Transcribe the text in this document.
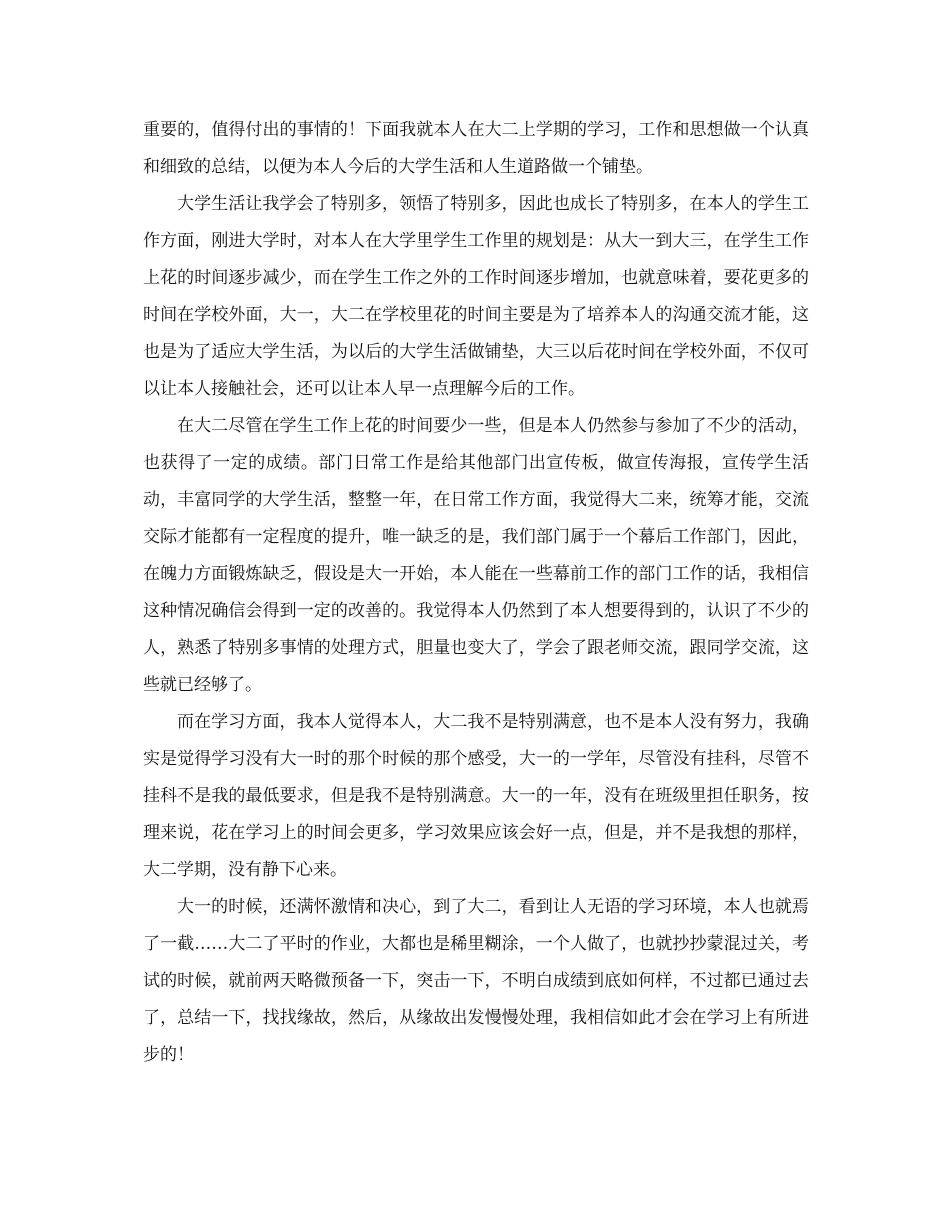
重要的，值得付出的事情的！下面我就本人在大二上学期的学习，工作和思想做一个认真和细致的总结，以便为本人今后的大学生活和人生道路做一个铺垫。

大学生活让我学会了特别多，领悟了特别多，因此也成长了特别多，在本人的学生工作方面，刚进大学时，对本人在大学里学生工作里的规划是：从大一到大三，在学生工作上花的时间逐步减少，而在学生工作之外的工作时间逐步增加，也就意味着，要花更多的时间在学校外面，大一，大二在学校里花的时间主要是为了培养本人的沟通交流才能，这也是为了适应大学生活，为以后的大学生活做铺垫，大三以后花时间在学校外面，不仅可以让本人接触社会，还可以让本人早一点理解今后的工作。

在大二尽管在学生工作上花的时间要少一些，但是本人仍然参与参加了不少的活动，也获得了一定的成绩。部门日常工作是给其他部门出宣传板，做宣传海报，宣传学生活动，丰富同学的大学生活，整整一年，在日常工作方面，我觉得大二来，统筹才能，交流交际才能都有一定程度的提升，唯一缺乏的是，我们部门属于一个幕后工作部门，因此，在魄力方面锻炼缺乏，假设是大一开始，本人能在一些幕前工作的部门工作的话，我相信这种情况确信会得到一定的改善的。我觉得本人仍然到了本人想要得到的，认识了不少的人，熟悉了特别多事情的处理方式，胆量也变大了，学会了跟老师交流，跟同学交流，这些就已经够了。

而在学习方面，我本人觉得本人，大二我不是特别满意，也不是本人没有努力，我确实是觉得学习没有大一时的那个时候的那个感受，大一的一学年，尽管没有挂科，尽管不挂科不是我的最低要求，但是我不是特别满意。大一的一年，没有在班级里担任职务，按理来说，花在学习上的时间会更多，学习效果应该会好一点，但是，并不是我想的那样，大二学期，没有静下心来。

大一的时候，还满怀激情和决心，到了大二，看到让人无语的学习环境，本人也就焉了一截……大二了平时的作业，大都也是稀里糊涂，一个人做了，也就抄抄蒙混过关，考试的时候，就前两天略微预备一下，突击一下，不明白成绩到底如何样，不过都已通过去了，总结一下，找找缘故，然后，从缘故出发慢慢处理，我相信如此才会在学习上有所进步的！
